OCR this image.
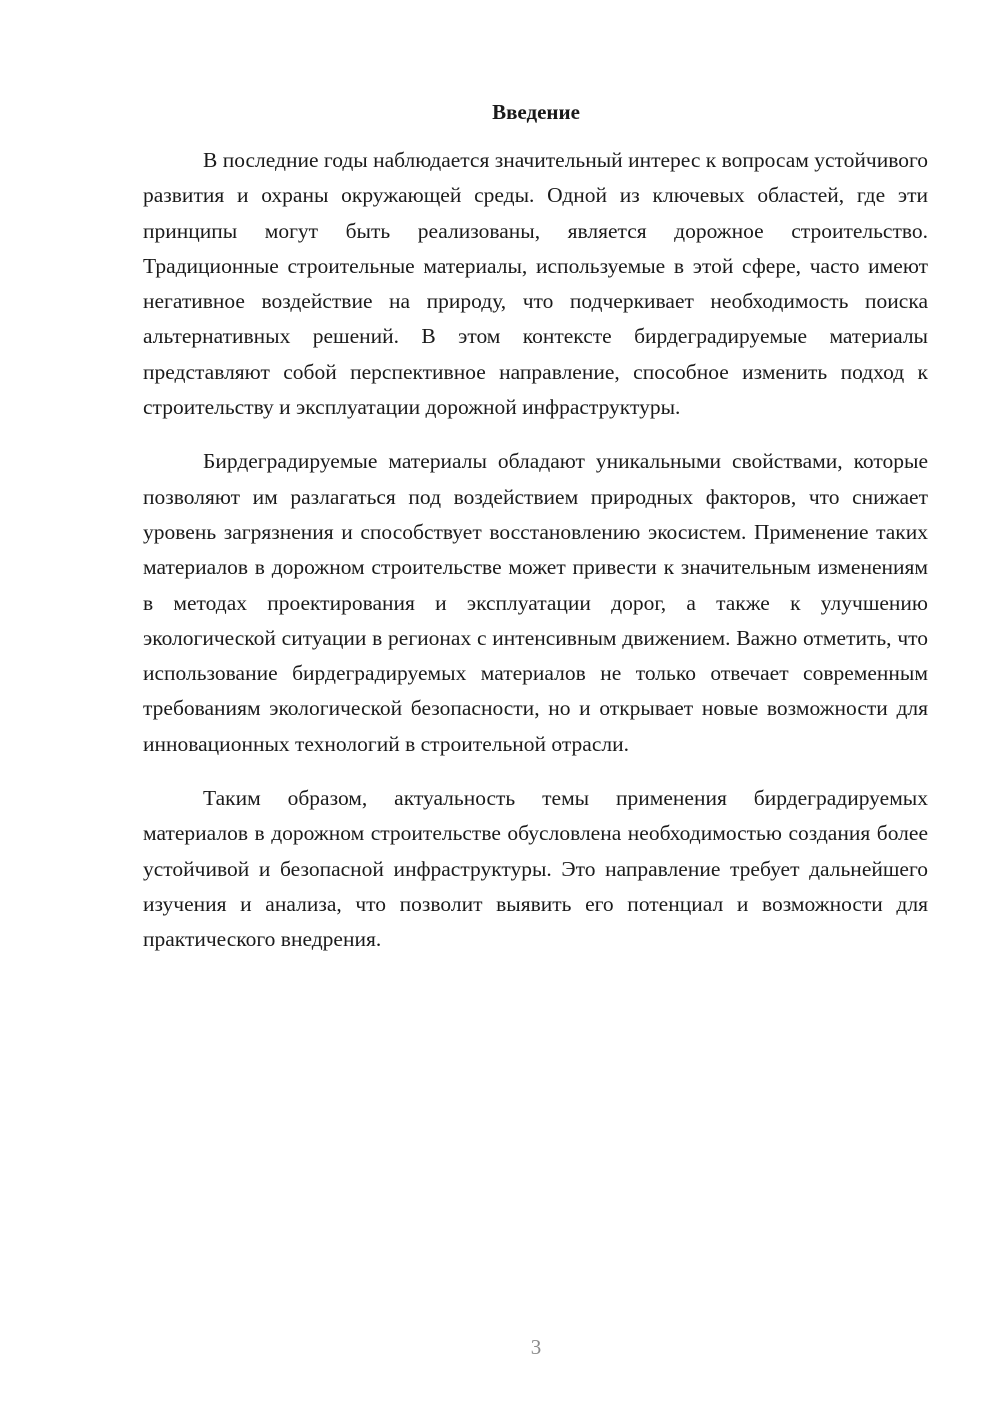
Введение

В последние годы наблюдается значительный интерес к вопросам устойчивого развития и охраны окружающей среды. Одной из ключевых областей, где эти принципы могут быть реализованы, является дорожное строительство. Традиционные строительные материалы, используемые в этой сфере, часто имеют негативное воздействие на природу, что подчеркивает необходимость поиска альтернативных решений. В этом контексте бирдеградируемые материалы представляют собой перспективное направление, способное изменить подход к строительству и эксплуатации дорожной инфраструктуры.

Бирдеградируемые материалы обладают уникальными свойствами, которые позволяют им разлагаться под воздействием природных факторов, что снижает уровень загрязнения и способствует восстановлению экосистем. Применение таких материалов в дорожном строительстве может привести к значительным изменениям в методах проектирования и эксплуатации дорог, а также к улучшению экологической ситуации в регионах с интенсивным движением. Важно отметить, что использование бирдеградируемых материалов не только отвечает современным требованиям экологической безопасности, но и открывает новые возможности для инновационных технологий в строительной отрасли.

Таким образом, актуальность темы применения бирдеградируемых материалов в дорожном строительстве обусловлена необходимостью создания более устойчивой и безопасной инфраструктуры. Это направление требует дальнейшего изучения и анализа, что позволит выявить его потенциал и возможности для практического внедрения.

3
